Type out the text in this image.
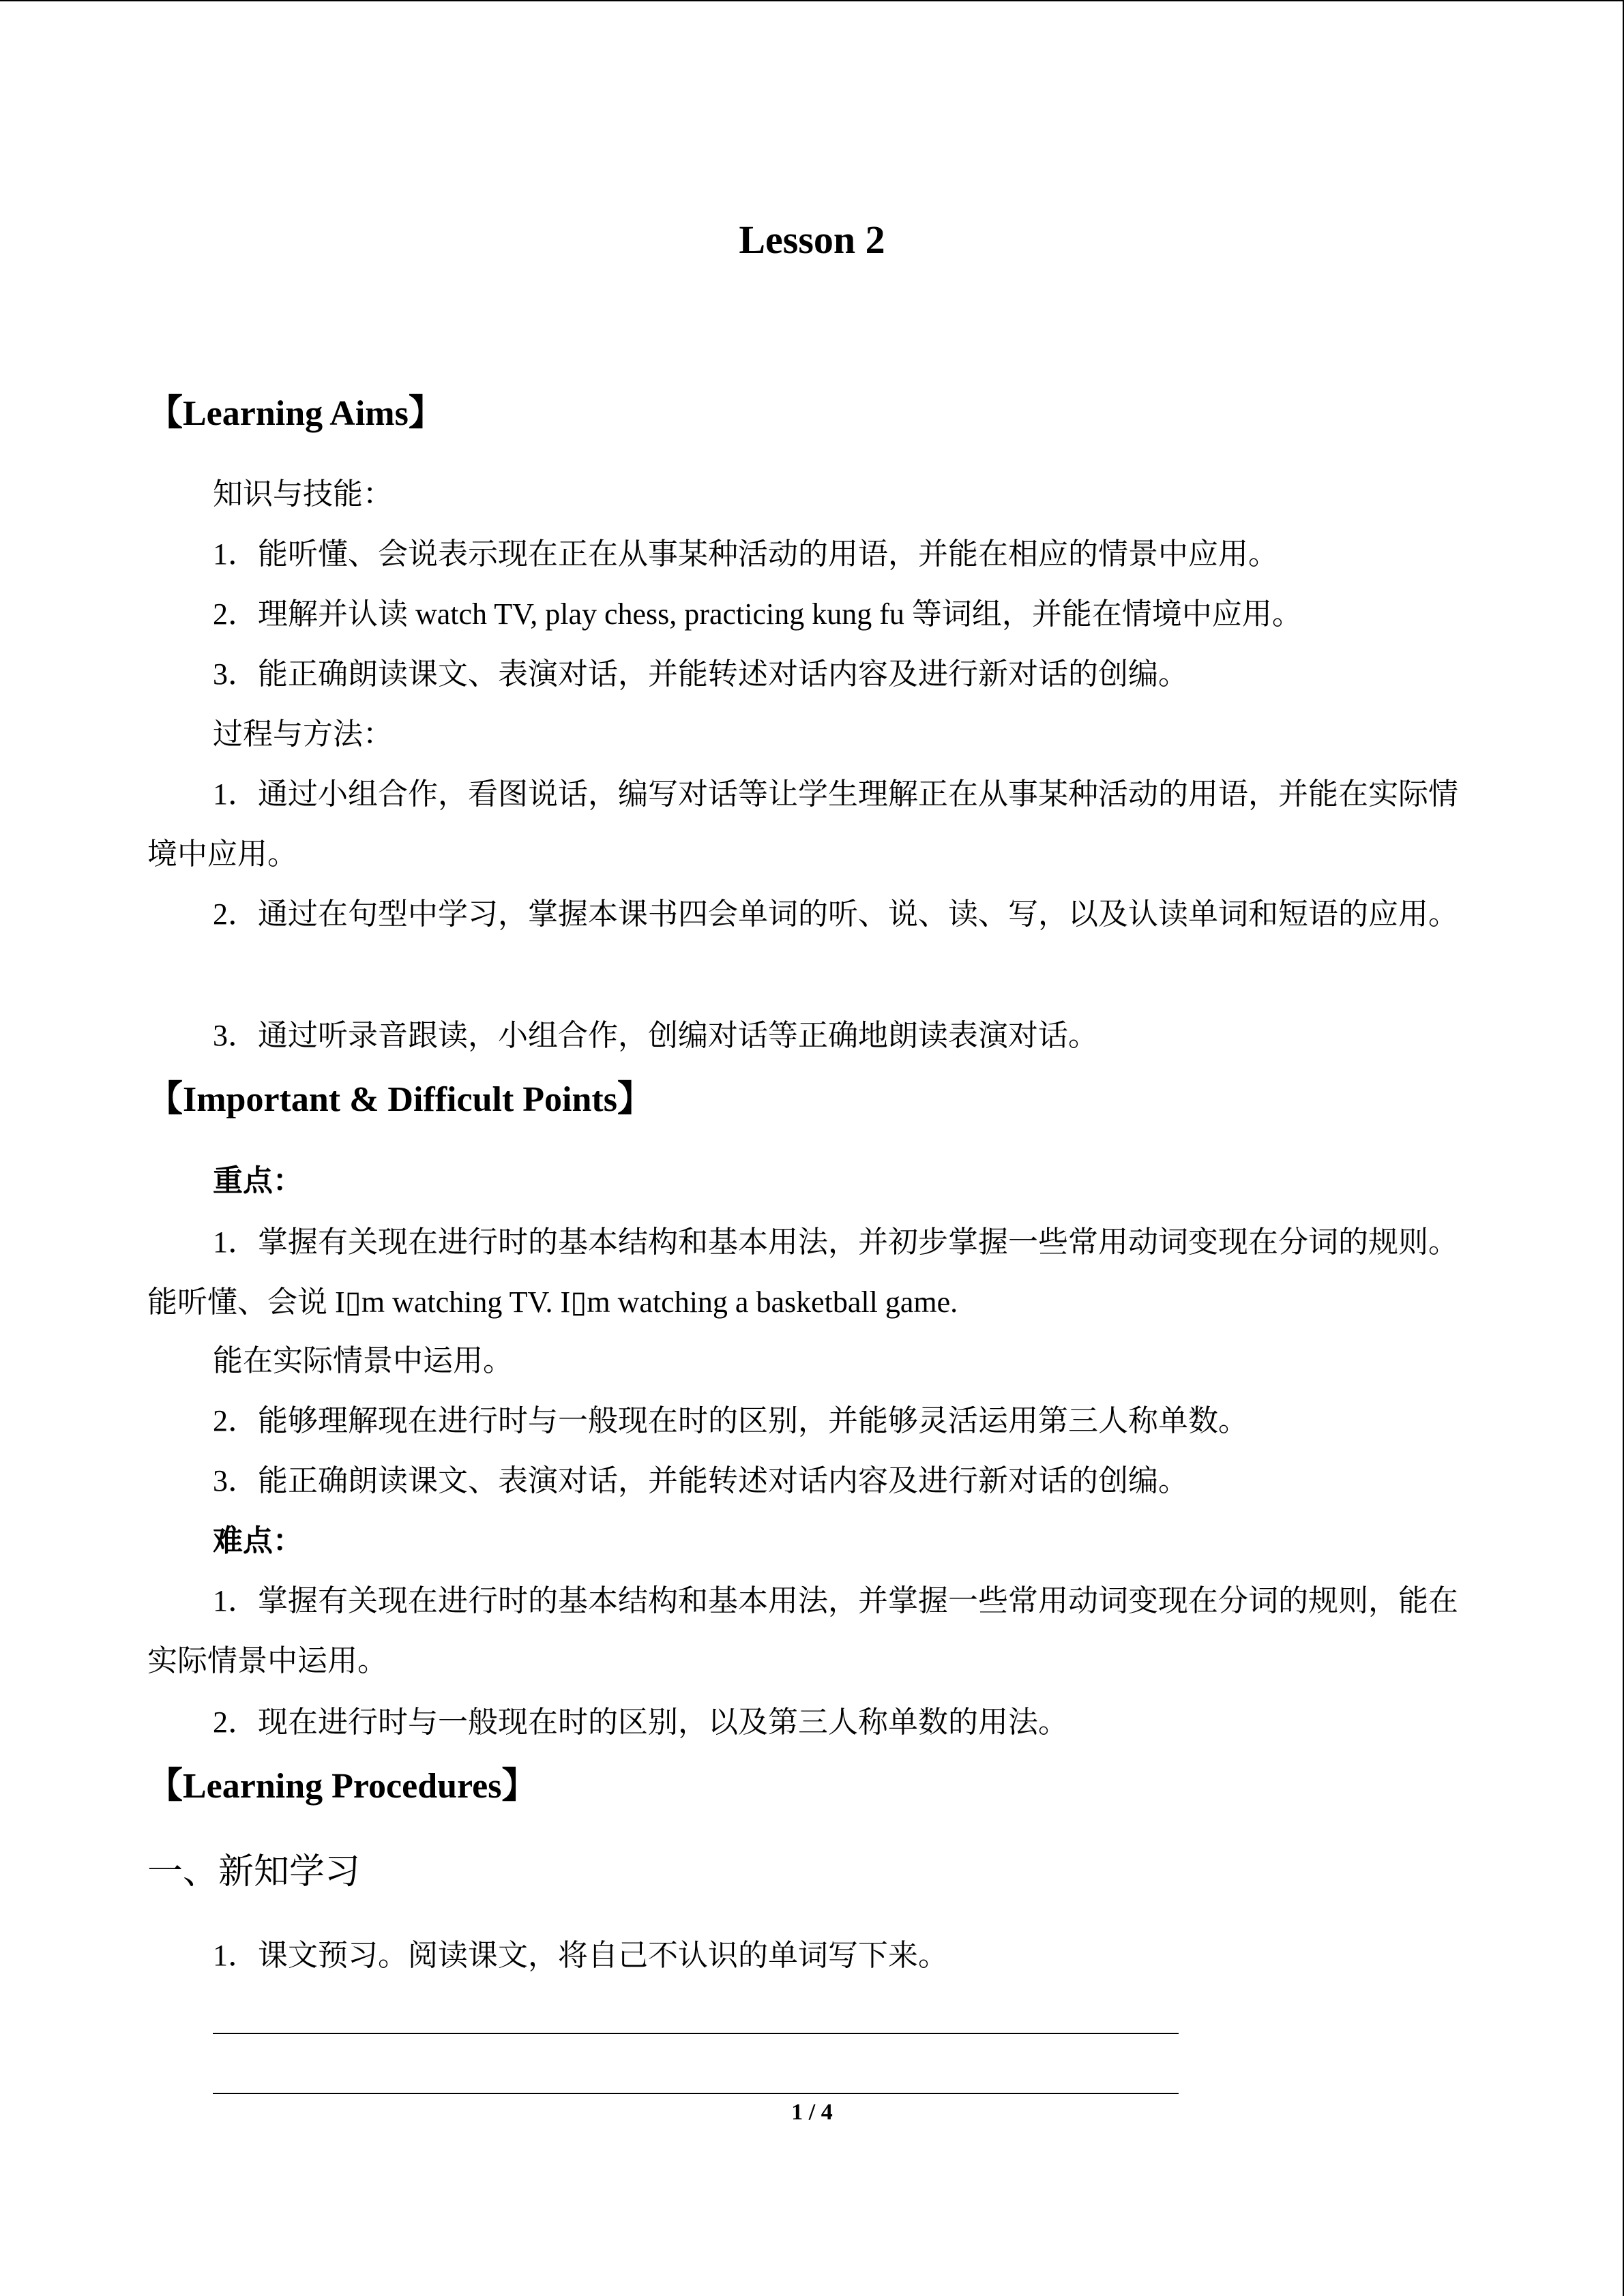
Lesson 2
【Learning Aims】
知识与技能：
1．能听懂、会说表示现在正在从事某种活动的用语，并能在相应的情景中应用。
2．理解并认读 watch TV, play chess, practicing kung fu 等词组，并能在情境中应用。
3．能正确朗读课文、表演对话，并能转述对话内容及进行新对话的创编。
过程与方法：
1．通过小组合作，看图说话，编写对话等让学生理解正在从事某种活动的用语，并能在实际情境中应用。
2．通过在句型中学习，掌握本课书四会单词的听、说、读、写，以及认读单词和短语的应用。
3．通过听录音跟读，小组合作，创编对话等正确地朗读表演对话。
【Important & Difficult Points】
重点：
1．掌握有关现在进行时的基本结构和基本用法，并初步掌握一些常用动词变现在分词的规则。能听懂、会说 I▯m watching TV. I▯m watching a basketball game.
能在实际情景中运用。
2．能够理解现在进行时与一般现在时的区别，并能够灵活运用第三人称单数。
3．能正确朗读课文、表演对话，并能转述对话内容及进行新对话的创编。
难点：
1．掌握有关现在进行时的基本结构和基本用法，并掌握一些常用动词变现在分词的规则，能在实际情景中运用。
2．现在进行时与一般现在时的区别，以及第三人称单数的用法。
【Learning Procedures】
一、新知学习
1．课文预习。阅读课文，将自己不认识的单词写下来。
1 / 4
